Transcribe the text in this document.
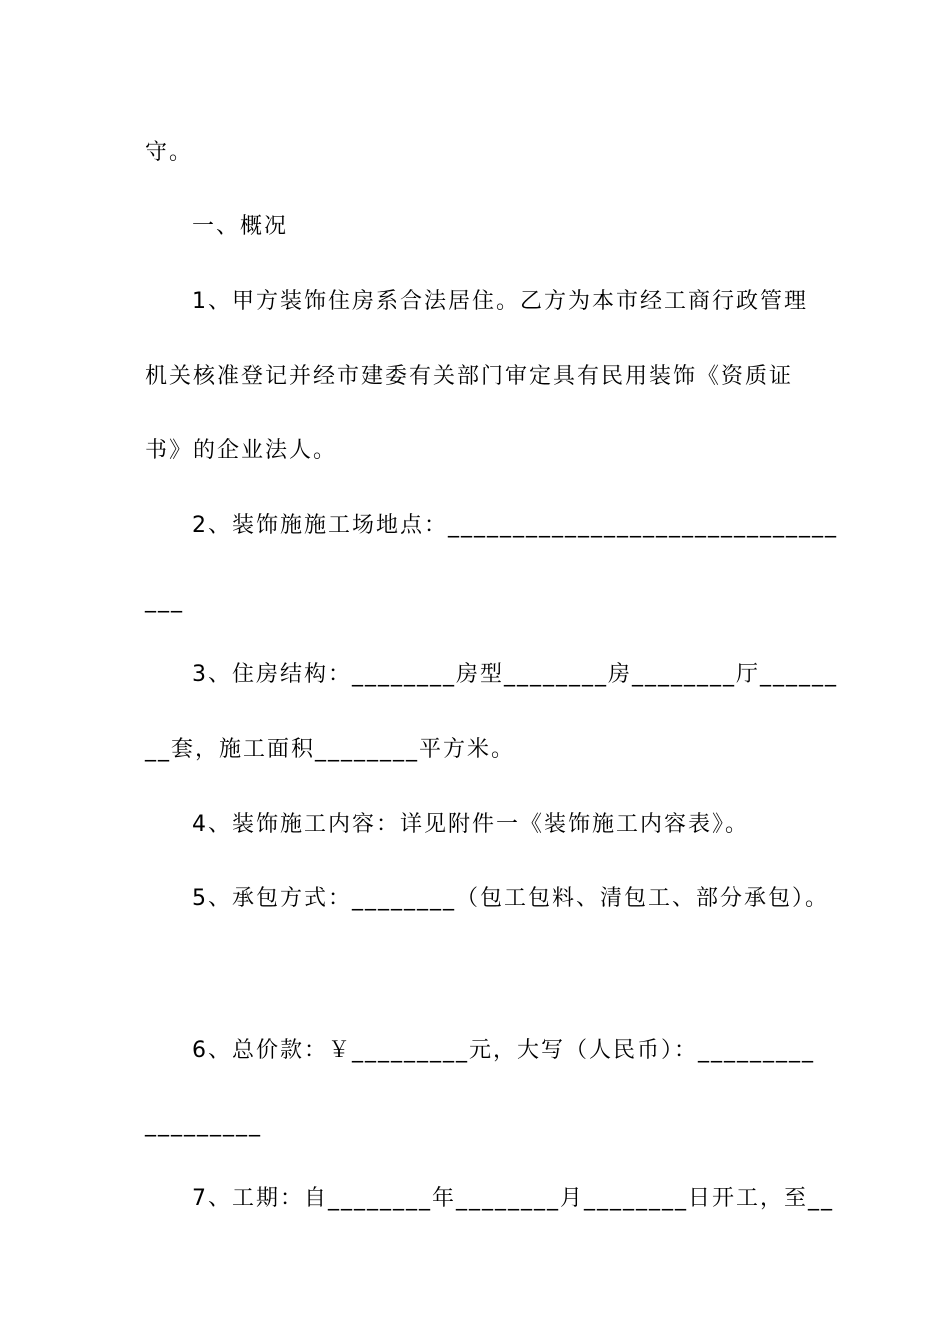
守。
一、概况
1、甲方装饰住房系合法居住。乙方为本市经工商行政管理
机关核准登记并经市建委有关部门审定具有民用装饰《资质证
书》的企业法人。
2、装饰施施工场地点：______________________________
___
3、住房结构：________房型________房________厅______
__套，施工面积________平方米。
4、装饰施工内容：详见附件一《装饰施工内容表》。
5、承包方式：________（包工包料、清包工、部分承包）。
6、总价款：￥_________元，大写（人民币）：_________
_________
7、工期：自________年________月________日开工，至__
